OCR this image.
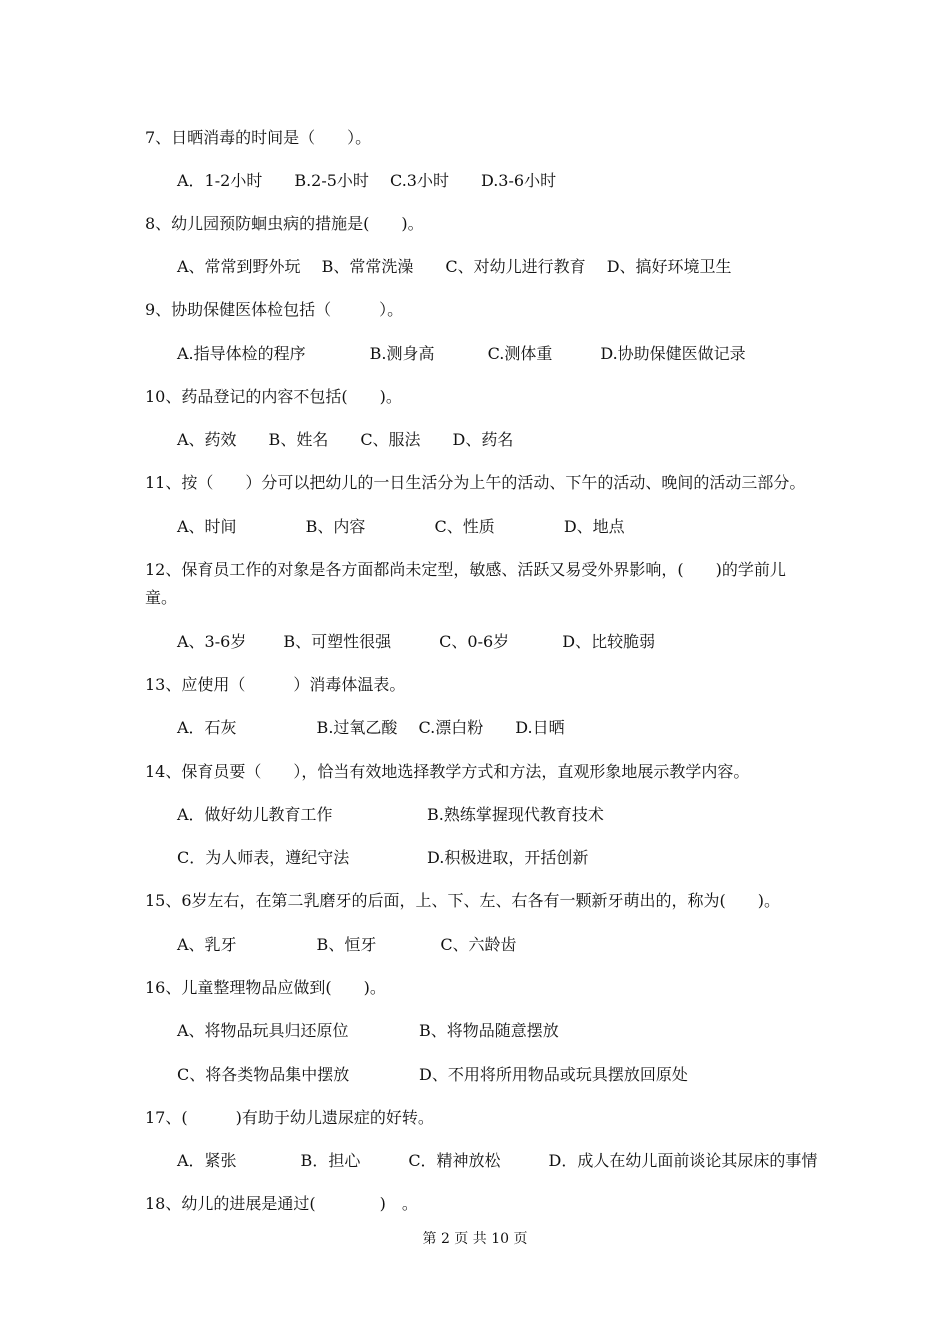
7、日晒消毒的时间是（　　）。
A．1-2小时　　B.2-5小时　 C.3小时　　D.3-6小时
8、幼儿园预防蛔虫病的措施是(　　)。
A、常常到野外玩　 B、常常洗澡　　C、对幼儿进行教育　 D、搞好环境卫生
9、协助保健医体检包括（　　　）。
A.指导体检的程序　　　　B.测身高　　　 C.测体重　　　D.协助保健医做记录
10、药品登记的内容不包括(　　)。
A、药效　　B、姓名　　C、服法　　D、药名
11、按（　　）分可以把幼儿的一日生活分为上午的活动、下午的活动、晚间的活动三部分。
A、时间　　　　 B、内容　　　　 C、性质　　　　 D、地点
12、保育员工作的对象是各方面都尚未定型，敏感、活跃又易受外界影响，(　　)的学前儿
童。
A、3-6岁　　 B、可塑性很强　　　C、0-6岁　　　 D、比较脆弱
13、应使用（　　　）消毒体温表。
A．石灰　　　　　B.过氧乙酸　 C.漂白粉　　D.日晒
14、保育员要（　　），恰当有效地选择教学方式和方法，直观形象地展示教学内容。
A．做好幼儿教育工作	B.熟练掌握现代教育技术
C．为人师表，遵纪守法	D.积极进取，开括创新
15、6岁左右，在第二乳磨牙的后面，上、下、左、右各有一颗新牙萌出的，称为(　　)。
A、乳牙　　　　　B、恒牙　　　　C、六龄齿
16、儿童整理物品应做到(　　)。
A、将物品玩具归还原位	B、将物品随意摆放
C、将各类物品集中摆放	D、不用将所用物品或玩具摆放回原处
17、(　　　)有助于幼儿遗尿症的好转。
A．紧张　　　　B．担心　　　C．精神放松　　　D．成人在幼儿面前谈论其尿床的事情
18、幼儿的进展是通过(　　　　)　。
第 2 页 共 10 页
